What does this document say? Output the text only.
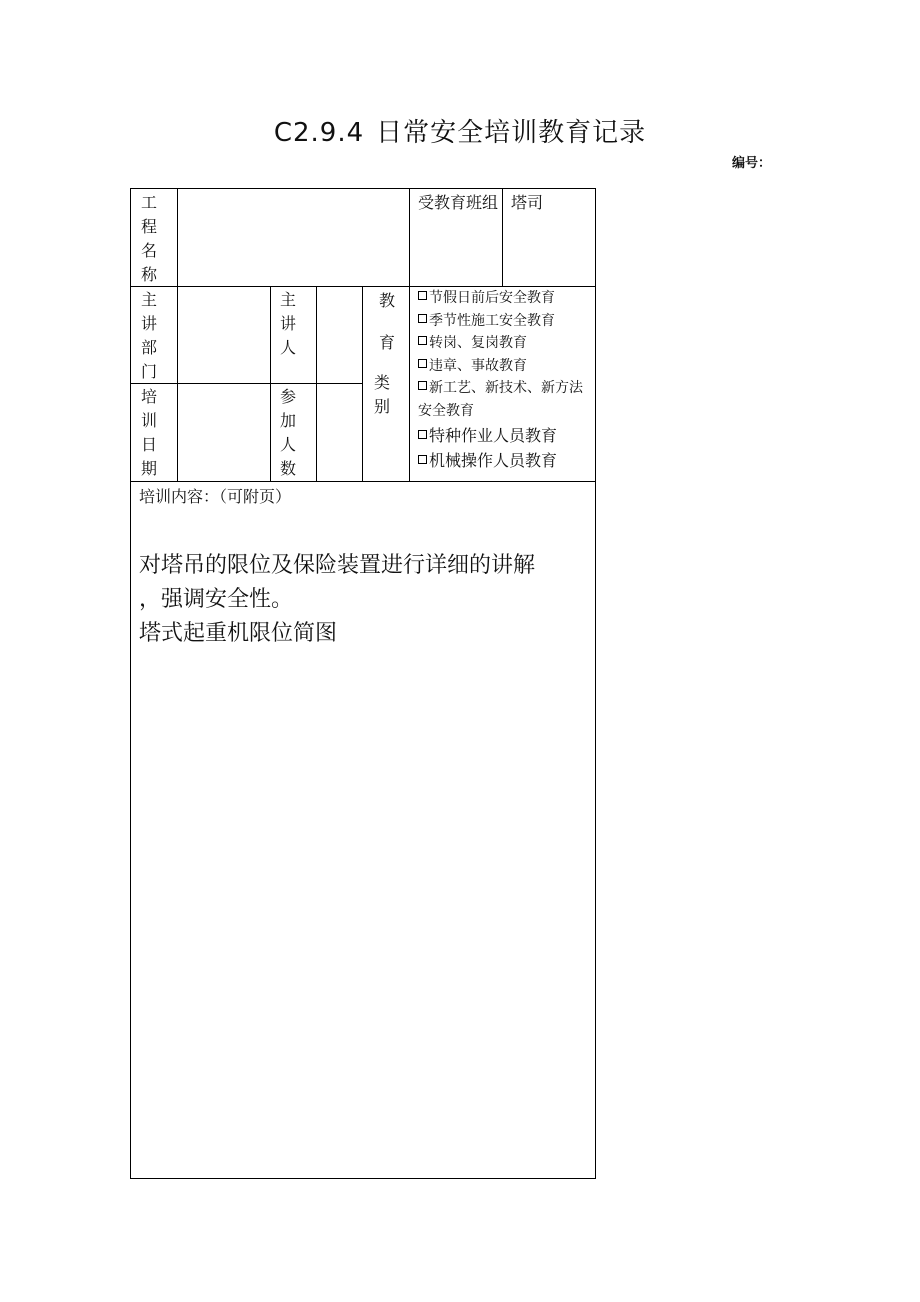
C2.9.4 日常安全培训教育记录
编号：
工程名称
受教育班组 塔司
主讲部门
主讲人
培训日期
参加人数
教
育
类
别
节假日前后安全教育
季节性施工安全教育
转岗、复岗教育
违章、事故教育
新工艺、新技术、新方法安全教育
特种作业人员教育
机械操作人员教育
培训内容：（可附页）
对塔吊的限位及保险装置进行详细的讲解
，强调安全性。
塔式起重机限位简图
